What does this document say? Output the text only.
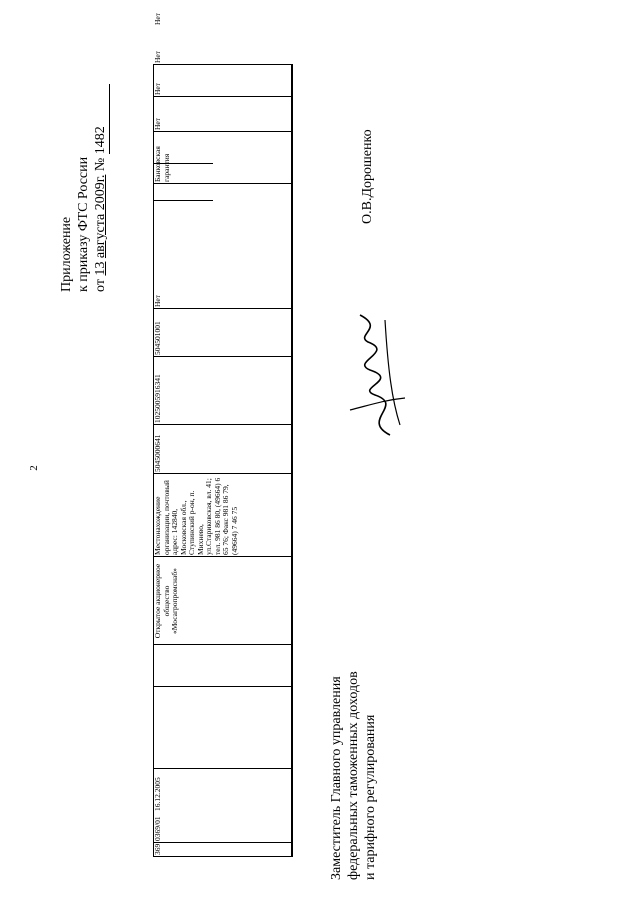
2
Приложение к приказу ФТС России от 13 августа 2009г. № 1482
369
0369/01
16.12.2005
Открытое акционерное общество «Мосагропромснаб»
Местонахождение организации, почтовый адрес: 142840, Московская обл., Ступинский р-он, п. Михнево, ул.Стариковская, вл. 41; тел. 981 86 80, (49664) 6 65 76; Факс 981 86 79, (49664) 7 46 75
5045000641
1025005916341
504501001
Нет
Банковская гарантия
Нет
Нет
Нет
Нет
Заместитель Главного управления федеральных таможенных доходов и тарифного регулирования
О.В.Дорошенко
